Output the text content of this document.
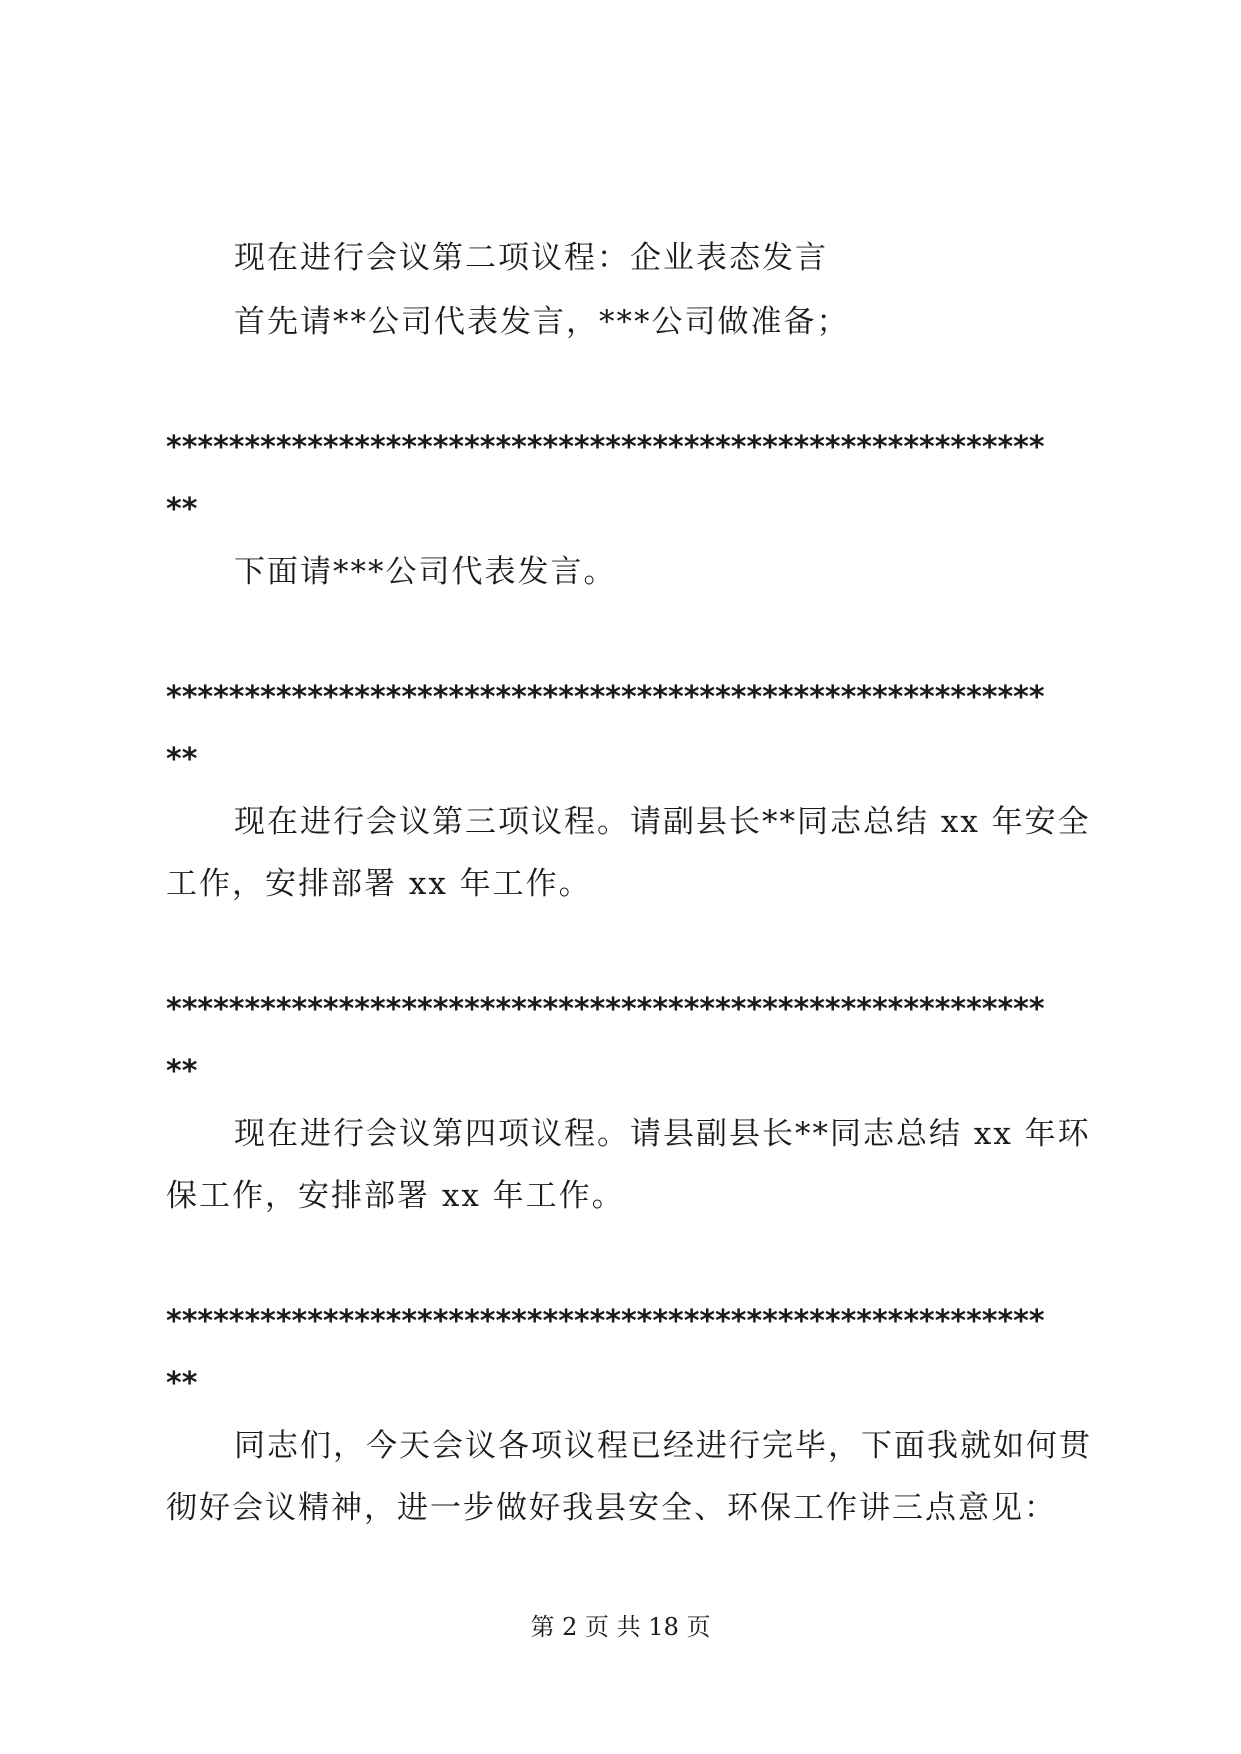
现在进行会议第二项议程：企业表态发言

首先请**公司代表发言，***公司做准备；

********************************************************

**

下面请***公司代表发言。

********************************************************

**

现在进行会议第三项议程。请副县长**同志总结 xx 年安全

工作，安排部署 xx 年工作。

********************************************************

**

现在进行会议第四项议程。请县副县长**同志总结 xx 年环

保工作，安排部署 xx 年工作。

********************************************************

**

同志们，今天会议各项议程已经进行完毕，下面我就如何贯

彻好会议精神，进一步做好我县安全、环保工作讲三点意见：

第 2 页 共 18 页
